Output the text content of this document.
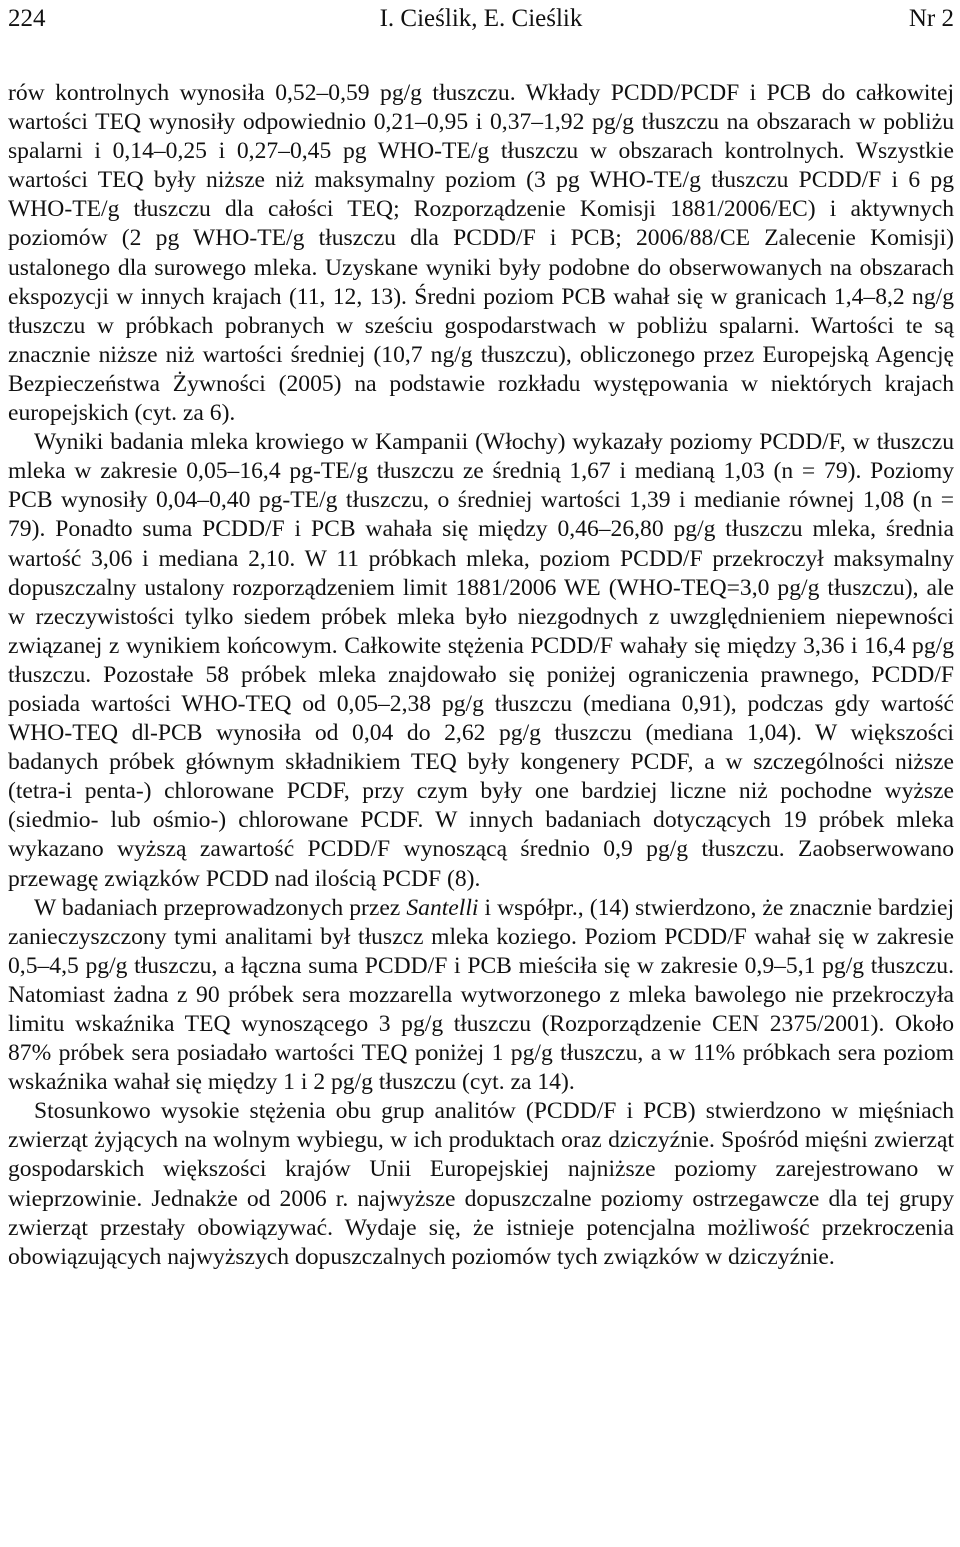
224	I. Cieślik, E. Cieślik	Nr 2

rów kontrolnych wynosiła 0,52–0,59 pg/g tłuszczu. Wkłady PCDD/PCDF i PCB do całkowitej wartości TEQ wynosiły odpowiednio 0,21–0,95 i 0,37–1,92 pg/g tłuszczu na obszarach w pobliżu spalarni i 0,14–0,25 i 0,27–0,45 pg WHO-TE/g tłuszczu w obszarach kontrolnych. Wszystkie wartości TEQ były niższe niż maksymalny poziom (3 pg WHO-TE/g tłuszczu PCDD/F i 6 pg WHO-TE/g tłuszczu dla całości TEQ; Rozporządzenie Komisji 1881/2006/EC) i aktywnych poziomów (2 pg WHO-TE/g tłuszczu dla PCDD/F i PCB; 2006/88/CE Zalecenie Komisji) ustalonego dla surowego mleka. Uzyskane wyniki były podobne do obserwowanych na obszarach ekspozycji w innych krajach (11, 12, 13). Średni poziom PCB wahał się w granicach 1,4–8,2 ng/g tłuszczu w próbkach pobranych w sześciu gospodarstwach w pobliżu spalarni. Wartości te są znacznie niższe niż wartości średniej (10,7 ng/g tłuszczu), obliczonego przez Europejską Agencję Bezpieczeństwa Żywności (2005) na podstawie rozkładu występowania w niektórych krajach europejskich (cyt. za 6).

Wyniki badania mleka krowiego w Kampanii (Włochy) wykazały poziomy PCDD/F, w tłuszczu mleka w zakresie 0,05–16,4 pg-TE/g tłuszczu ze średnią 1,67 i medianą 1,03 (n = 79). Poziomy PCB wynosiły 0,04–0,40 pg-TE/g tłuszczu, o średniej wartości 1,39 i medianie równej 1,08 (n = 79). Ponadto suma PCDD/F i PCB wahała się między 0,46–26,80 pg/g tłuszczu mleka, średnia wartość 3,06 i mediana 2,10. W 11 próbkach mleka, poziom PCDD/F przekroczył maksymalny dopuszczalny ustalony rozporządzeniem limit 1881/2006 WE (WHO-TEQ=3,0 pg/g tłuszczu), ale w rzeczywistości tylko siedem próbek mleka było niezgodnych z uwzględnieniem niepewności związanej z wynikiem końcowym. Całkowite stężenia PCDD/F wahały się między 3,36 i 16,4 pg/g tłuszczu. Pozostałe 58 próbek mleka znajdowało się poniżej ograniczenia prawnego, PCDD/F posiada wartości WHO-TEQ od 0,05–2,38 pg/g tłuszczu (mediana 0,91), podczas gdy wartość WHO-TEQ dl-PCB wynosiła od 0,04 do 2,62 pg/g tłuszczu (mediana 1,04). W większości badanych próbek głównym składnikiem TEQ były kongenery PCDF, a w szczególności niższe (tetra-i penta-) chlorowane PCDF, przy czym były one bardziej liczne niż pochodne wyższe (siedmio- lub ośmio-) chlorowane PCDF. W innych badaniach dotyczących 19 próbek mleka wykazano wyższą zawartość PCDD/F wynoszącą średnio 0,9 pg/g tłuszczu. Zaobserwowano przewagę związków PCDD nad ilością PCDF (8).

W badaniach przeprowadzonych przez Santelli i współpr., (14) stwierdzono, że znacznie bardziej zanieczyszczony tymi analitami był tłuszcz mleka koziego. Poziom PCDD/F wahał się w zakresie 0,5–4,5 pg/g tłuszczu, a łączna suma PCDD/F i PCB mieściła się w zakresie 0,9–5,1 pg/g tłuszczu. Natomiast żadna z 90 próbek sera mozzarella wytworzonego z mleka bawolego nie przekroczyła limitu wskaźnika TEQ wynoszącego 3 pg/g tłuszczu (Rozporządzenie CEN 2375/2001). Około 87% próbek sera posiadało wartości TEQ poniżej 1 pg/g tłuszczu, a w 11% próbkach sera poziom wskaźnika wahał się między 1 i 2 pg/g tłuszczu (cyt. za 14).

Stosunkowo wysokie stężenia obu grup analitów (PCDD/F i PCB) stwierdzono w mięśniach zwierząt żyjących na wolnym wybiegu, w ich produktach oraz dziczyźnie. Spośród mięśni zwierząt gospodarskich większości krajów Unii Europejskiej najniższe poziomy zarejestrowano w wieprzowinie. Jednakże od 2006 r. najwyższe dopuszczalne poziomy ostrzegawcze dla tej grupy zwierząt przestały obowiązywać. Wydaje się, że istnieje potencjalna możliwość przekroczenia obowiązujących najwyższych dopuszczalnych poziomów tych związków w dziczyźnie.
